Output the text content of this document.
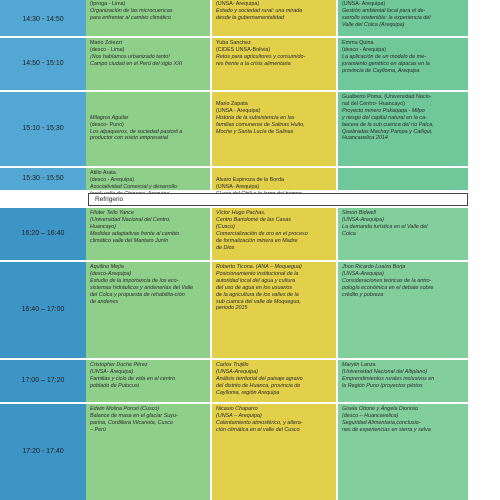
14:30 - 14:50
(Iproga - Lima)
Organización de las microcuencas
para enfrentar al cambio climático
(UNSA- Arequipa)
Estado y sociedad rural: una mirada
desde la gubernamentalidad
(UNSA- Arequipa)
Gestión ambiental local para el de-
sarrollo sostenible: la experiencia del
Valle del Colca (Arequipa)
14:50 - 15:10
Mario Zolezzi
(desco - Lima)
¡Nos habíamos urbanizado tanto!
Campo ciudad en el Perú del siglo XXI
Yuba Sanchez
(CIDES UNSA-Bolivia)
Retos para agricultores y consumido-
res frente a la crisis alimentaria
Emma Quina
(desco - Arequipa)
La aplicación de un modelo de me-
joramiento genético en alpacas en la
provincia de Caylloma, Arequipa
15:10 - 15:30

Milagros Aguilar
(desco- Puno)
Los alpaqueros, de sociedad pastoril a
productor con visión empresarial

Mario Zapata
(UNSA - Arequipa)
Historia de la subsistencia en las
familias comuneras de Salinas Huito,
Moche y Santa Lucía de Salinas
Gualberto Poma. (Universidad Nacio-
nal del Centro- Huancayo)
Proyecto minero Pukaqaqa - Milpo
y riesgo del capital natural en la ca-
becera de la sub cuenca del río Palca,
Quebradas Machay Pampa y Calliqui,
Huancavelica 2014
15:30 - 15:50
Atilio Arata
(desco - Arequipa)
Asociatividad Comercial y desarrollo

Alvaro Espinoza de la Borda
(UNSA- Arequipa)
16:20 – 16:40
Filoter Tello Yance
(Universidad Nacional del Centro,
Huancayo)
Medidas adaptativas frente al cambio
climático valle del Mantaro Junín
Víctor Hugo Pachas.
Centro Bartolomé de las Casas
(Cusco)
Comercialización de oro en el proceso
de formalización minera en Madre
de Dios
Simon Bidwell
(UNSA-Arequipa)
La demanda turística en el Valle del
Colca
16:40 – 17:00
Aquilino Mejía
(desco-Arequipa)
Estudio de la importancia de los eco-
sistemas hidráulicos y andenerías del Valle
del Colca y propuesta de rehabilita-ción
de andenes
Roberto Ticona. (ANA – Moquegua)
Posicionamiento institucional de la
autoridad local del agua y cultura
del uso de agua en los usuarios
de la agricultura de los valles de la
sub cuenca del valle de Moquegua,
periodo 2015
Jhon Ricardo Loaiza Borja
(UNSA-Arequipa)
Consideraciones teóricas de la antro-
pología económica en el debate sobre
crédito y pobreza
17:00 – 17:20
Cristopher Duche Pérez
(UNSA- Arequipa)
Familias y ciclo de vida en el centro
poblado de Putucusi
Carlos Trujillo
(UNSA-Arequipa)
Análisis territorial del paisaje agrario
del distrito de Huanca, provincia de
Caylloma, región Arequipa
Marylin Lanza
(Universidad Nacional del Altiplano)
Emprendimientos rurales inclusivos en
la Región Puno (proyectos pilotos
17:20 - 17:40
Edwin Molina Porcel (Cusco)
Balance de masa en el glaciar Suyu-
parina, Cordillera Vilcanota, Cusco
– Perú
Nicasio Chaparro
(UNSA – Arequipa)
Calentamiento atmosférico, y altera-
ción climática en el valle del Cusco
Gisela Ottone y Ángela Dionisio
(desco – Huancavelica)
Seguridad Alimentaria,conclusio-
nes de experiencias en sierra y selva
Refrigerio
